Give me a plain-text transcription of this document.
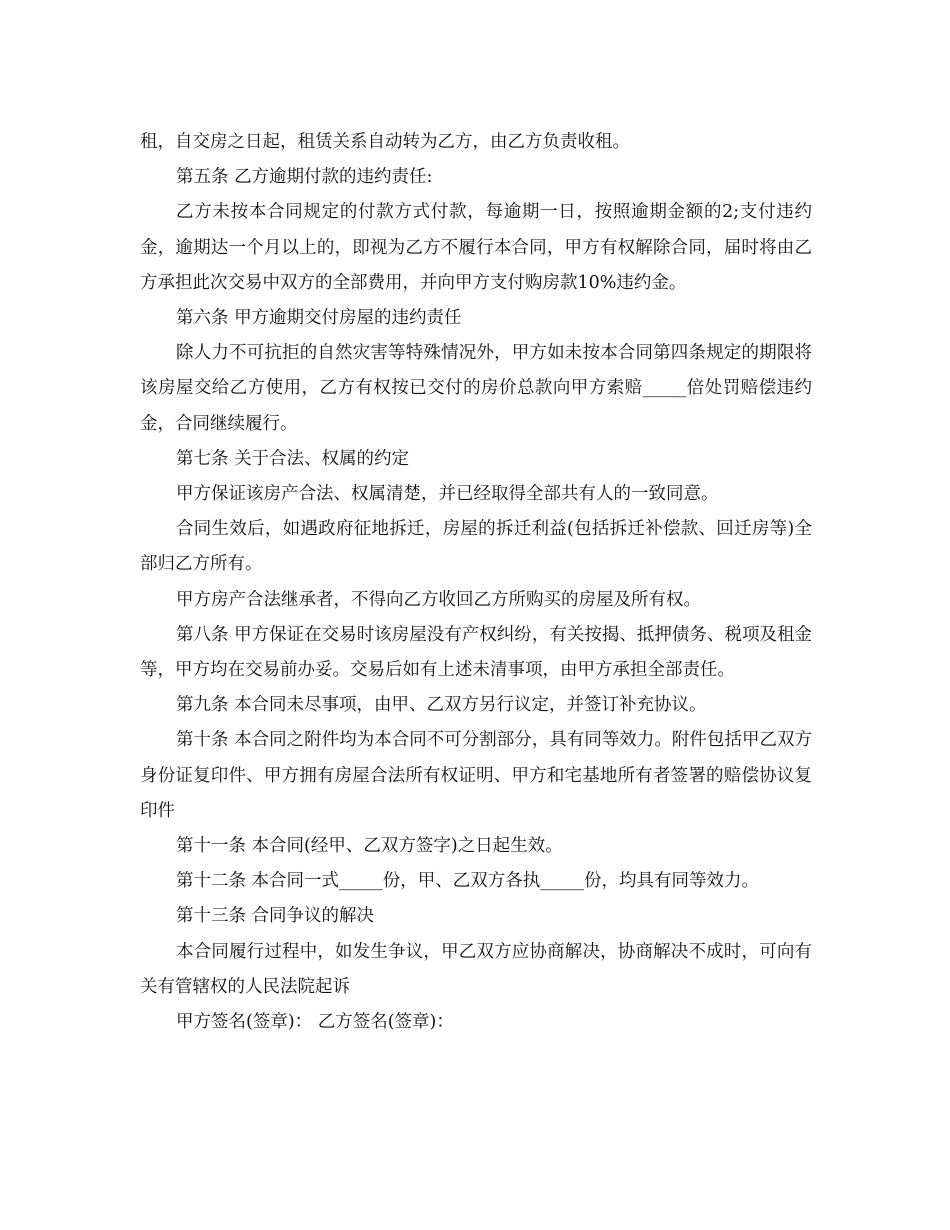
租，自交房之日起，租赁关系自动转为乙方，由乙方负责收租。

第五条 乙方逾期付款的违约责任:

乙方未按本合同规定的付款方式付款，每逾期一日，按照逾期金额的2;支付违约金，逾期达一个月以上的，即视为乙方不履行本合同，甲方有权解除合同，届时将由乙方承担此次交易中双方的全部费用，并向甲方支付购房款10%违约金。

第六条 甲方逾期交付房屋的违约责任

除人力不可抗拒的自然灾害等特殊情况外，甲方如未按本合同第四条规定的期限将该房屋交给乙方使用，乙方有权按已交付的房价总款向甲方索赔_____倍处罚赔偿违约金，合同继续履行。

第七条 关于合法、权属的约定

甲方保证该房产合法、权属清楚，并已经取得全部共有人的一致同意。

合同生效后，如遇政府征地拆迁，房屋的拆迁利益(包括拆迁补偿款、回迁房等)全部归乙方所有。

甲方房产合法继承者，不得向乙方收回乙方所购买的房屋及所有权。

第八条 甲方保证在交易时该房屋没有产权纠纷，有关按揭、抵押债务、税项及租金等，甲方均在交易前办妥。交易后如有上述未清事项，由甲方承担全部责任。

第九条 本合同未尽事项，由甲、乙双方另行议定，并签订补充协议。

第十条 本合同之附件均为本合同不可分割部分，具有同等效力。附件包括甲乙双方身份证复印件、甲方拥有房屋合法所有权证明、甲方和宅基地所有者签署的赔偿协议复印件

第十一条 本合同(经甲、乙双方签字)之日起生效。

第十二条 本合同一式_____份，甲、乙双方各执_____份，均具有同等效力。

第十三条 合同争议的解决

本合同履行过程中，如发生争议，甲乙双方应协商解决，协商解决不成时，可向有关有管辖权的人民法院起诉

甲方签名(签章)： 乙方签名(签章)：
